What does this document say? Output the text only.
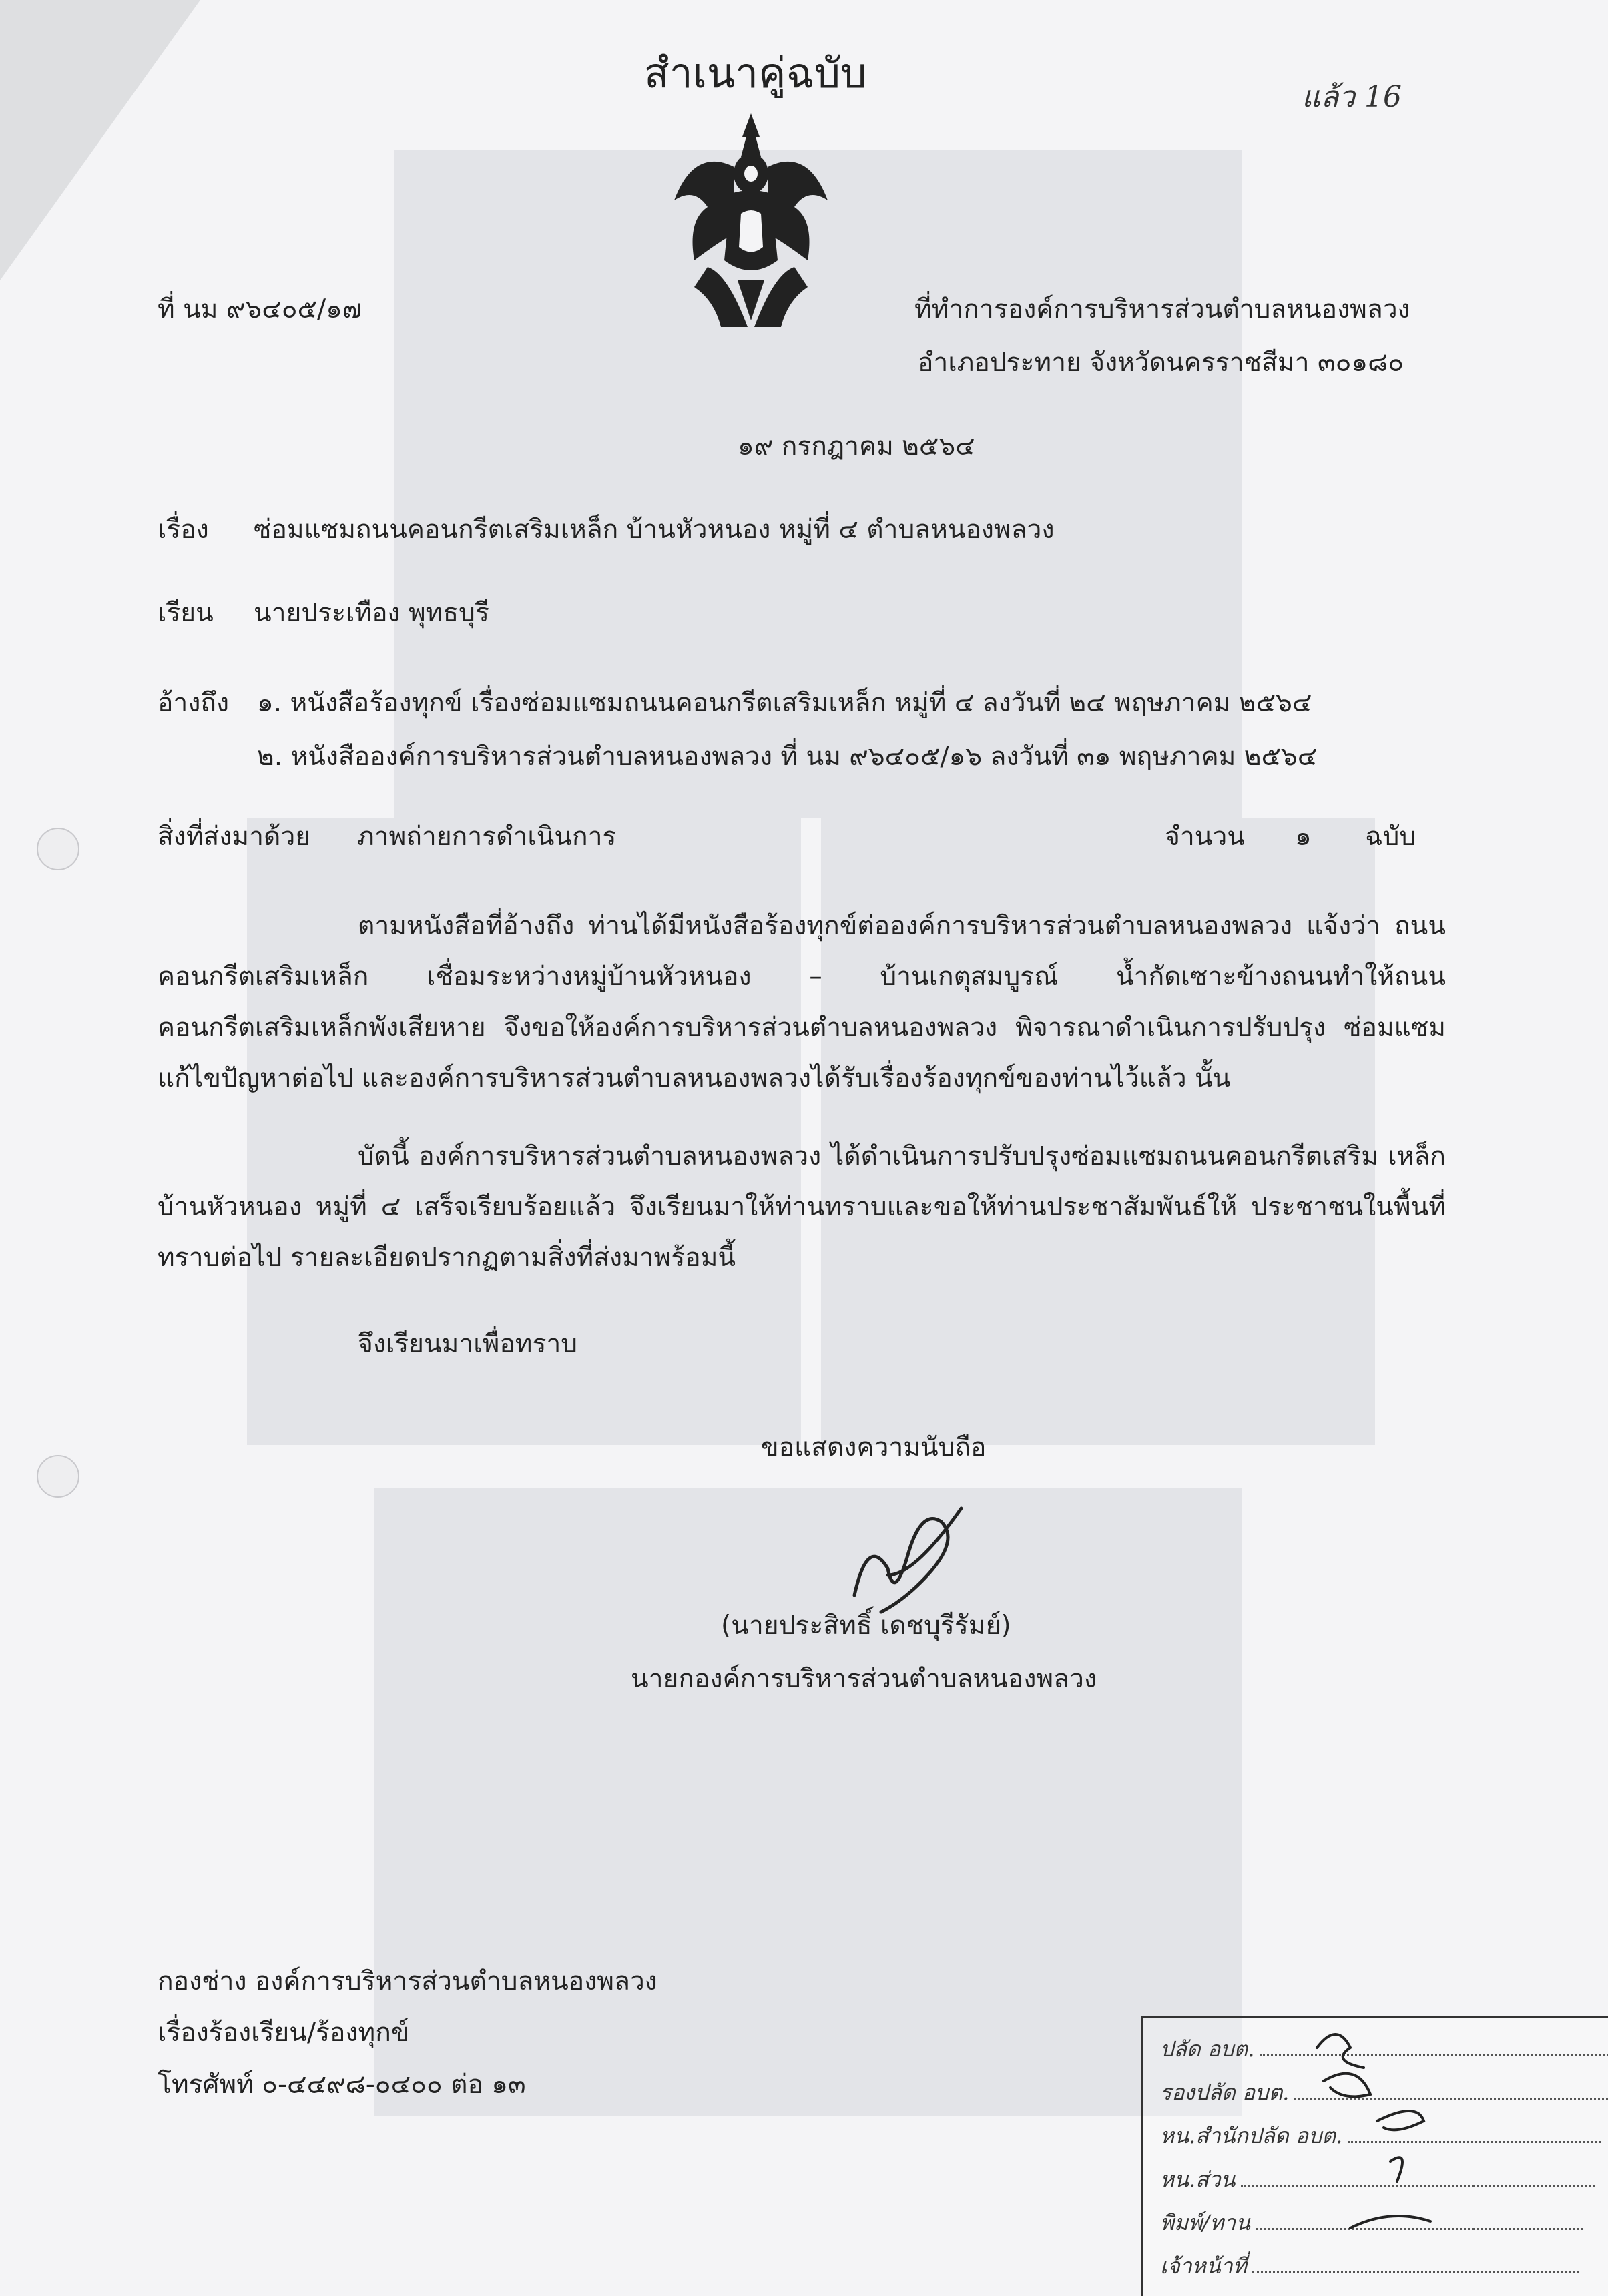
สำเนาคู่ฉบับ	แล้ว 16
ที่ นม ๙๖๔๐๕/๑๗	ที่ทำการองค์การบริหารส่วนตำบลหนองพลวง
อำเภอประทาย จังหวัดนครราชสีมา ๓๐๑๘๐
๑๙ กรกฎาคม ๒๕๖๔
เรื่อง ซ่อมแซมถนนคอนกรีตเสริมเหล็ก บ้านหัวหนอง หมู่ที่ ๔ ตำบลหนองพลวง
เรียน นายประเทือง พุทธบุรี
อ้างถึง ๑. หนังสือร้องทุกข์ เรื่องซ่อมแซมถนนคอนกรีตเสริมเหล็ก หมู่ที่ ๔ ลงวันที่ ๒๔ พฤษภาคม ๒๕๖๔
๒. หนังสือองค์การบริหารส่วนตำบลหนองพลวง ที่ นม ๙๖๔๐๕/๑๖ ลงวันที่ ๓๑ พฤษภาคม ๒๕๖๔
สิ่งที่ส่งมาด้วย ภาพถ่ายการดำเนินการ	จำนวน ๑ ฉบับ

ตามหนังสือที่อ้างถึง ท่านได้มีหนังสือร้องทุกข์ต่อองค์การบริหารส่วนตำบลหนองพลวง แจ้งว่า ถนนคอนกรีตเสริมเหล็ก เชื่อมระหว่างหมู่บ้านหัวหนอง – บ้านเกตุสมบูรณ์ น้ำกัดเซาะข้างถนนทำให้ถนน คอนกรีตเสริมเหล็กพังเสียหาย จึงขอให้องค์การบริหารส่วนตำบลหนองพลวง พิจารณาดำเนินการปรับปรุง ซ่อมแซมแก้ไขปัญหาต่อไป และองค์การบริหารส่วนตำบลหนองพลวงได้รับเรื่องร้องทุกข์ของท่านไว้แล้ว นั้น

บัดนี้ องค์การบริหารส่วนตำบลหนองพลวง ได้ดำเนินการปรับปรุงซ่อมแซมถนนคอนกรีตเสริม เหล็ก บ้านหัวหนอง หมู่ที่ ๔ เสร็จเรียบร้อยแล้ว จึงเรียนมาให้ท่านทราบและขอให้ท่านประชาสัมพันธ์ให้ ประชาชนในพื้นที่ทราบต่อไป รายละเอียดปรากฏตามสิ่งที่ส่งมาพร้อมนี้

จึงเรียนมาเพื่อทราบ
ขอแสดงความนับถือ
(นายประสิทธิ์ เดชบุรีรัมย์)
นายกองค์การบริหารส่วนตำบลหนองพลวง
กองช่าง องค์การบริหารส่วนตำบลหนองพลวง
เรื่องร้องเรียน/ร้องทุกข์
โทรศัพท์ ๐-๔๔๙๘-๐๔๐๐ ต่อ ๑๓
ปลัด อบต.
รองปลัด อบต.
หน.สำนักปลัด อบต.
หน.ส่วน
พิมพ์/ทาน
เจ้าหน้าที่
